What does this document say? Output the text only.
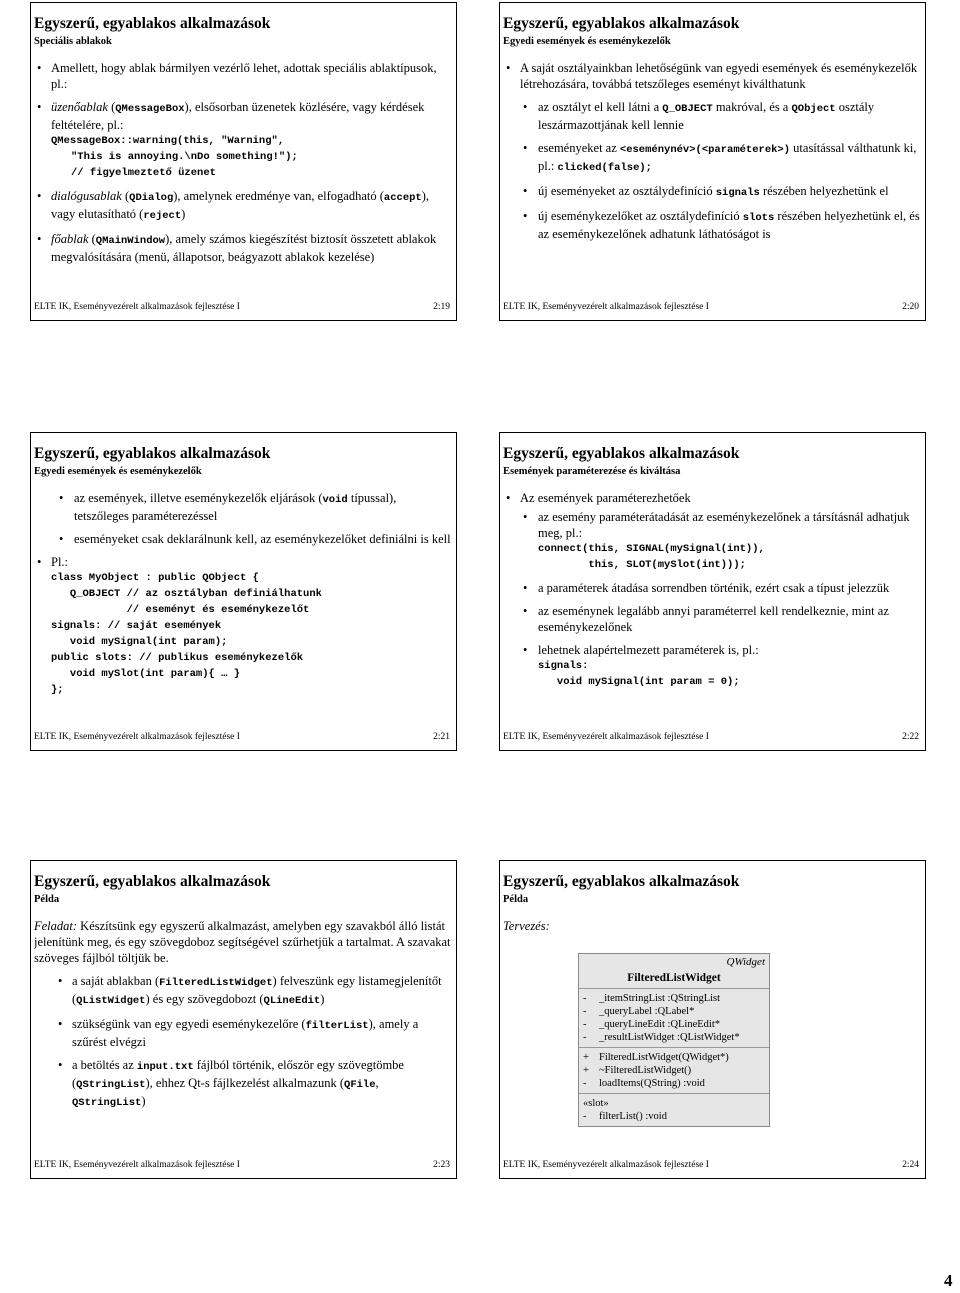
Egyszerű, egyablakos alkalmazások
Speciális ablakok
• Amellett, hogy ablak bármilyen vezérlő lehet, adottak speciális ablaktípusok, pl.:
• üzenőablak (QMessageBox), elsősorban üzenetek közlésére, vagy kérdések feltételére, pl.:
QMessageBox::warning(this, "Warning",
"This is annoying.\nDo something!");
// figyelmeztető üzenet
• dialógusablak (QDialog), amelynek eredménye van, elfogadható (accept), vagy elutasítható (reject)
• főablak (QMainWindow), amely számos kiegészítést biztosít összetett ablakok megvalósítására (menü, állapotsor, beágyazott ablakok kezelése)
ELTE IK, Eseményvezérelt alkalmazások fejlesztése I	2:19
Egyszerű, egyablakos alkalmazások
Egyedi események és eseménykezelők
• A saját osztályainkban lehetőségünk van egyedi események és eseménykezelők létrehozására, továbbá tetszőleges eseményt kiválthatunk
• az osztályt el kell látni a Q_OBJECT makróval, és a QObject osztály leszármazottjának kell lennie
• eseményeket az <eseménynév>(<paraméterek>) utasítással válthatunk ki, pl.: clicked(false);
• új eseményeket az osztálydefiníció signals részében helyezhetünk el
• új eseménykezelőket az osztálydefiníció slots részében helyezhetünk el, és az eseménykezelőnek adhatunk láthatóságot is
ELTE IK, Eseményvezérelt alkalmazások fejlesztése I	2:20
Egyszerű, egyablakos alkalmazások
Egyedi események és eseménykezelők
• az események, illetve eseménykezelők eljárások (void típussal), tetszőleges paraméterezéssel
• eseményeket csak deklarálnunk kell, az eseménykezelőket definiálni is kell
• Pl.:
class MyObject : public QObject {
Q_OBJECT // az osztályban definiálhatunk
// eseményt és eseménykezelőt
signals: // saját események
void mySignal(int param);
public slots: // publikus eseménykezelők
void mySlot(int param){ … }
};
ELTE IK, Eseményvezérelt alkalmazások fejlesztése I	2:21
Egyszerű, egyablakos alkalmazások
Események paraméterezése és kiváltása
• Az események paraméterezhetőek
• az esemény paraméterátadását az eseménykezelőnek a társításnál adhatjuk meg, pl.:
connect(this, SIGNAL(mySignal(int)),
this, SLOT(mySlot(int)));
• a paraméterek átadása sorrendben történik, ezért csak a típust jelezzük
• az eseménynek legalább annyi paraméterrel kell rendelkeznie, mint az eseménykezelőnek
• lehetnek alapértelmezett paraméterek is, pl.:
signals:
void mySignal(int param = 0);
ELTE IK, Eseményvezérelt alkalmazások fejlesztése I	2:22
Egyszerű, egyablakos alkalmazások
Példa
Feladat: Készítsünk egy egyszerű alkalmazást, amelyben egy szavakból álló listát jelenítünk meg, és egy szövegdoboz segítségével szűrhetjük a tartalmat. A szavakat szöveges fájlból töltjük be.
• a saját ablakban (FilteredListWidget) felveszünk egy listamegjelenítőt (QListWidget) és egy szövegdobozt (QLineEdit)
• szükségünk van egy egyedi eseménykezelőre (filterList), amely a szűrést elvégzi
• a betöltés az input.txt fájlból történik, először egy szövegtömbe (QStringList), ehhez Qt-s fájlkezelést alkalmazunk (QFile, QStringList)
ELTE IK, Eseményvezérelt alkalmazások fejlesztése I	2:23
Egyszerű, egyablakos alkalmazások
Példa
Tervezés:
QWidget
FilteredListWidget
- _itemStringList :QStringList
- _queryLabel :QLabel*
- _queryLineEdit :QLineEdit*
- _resultListWidget :QListWidget*
+ FilteredListWidget(QWidget*)
+ ~FilteredListWidget()
- loadItems(QString) :void
«slot»
- filterList() :void
ELTE IK, Eseményvezérelt alkalmazások fejlesztése I	2:24
4
